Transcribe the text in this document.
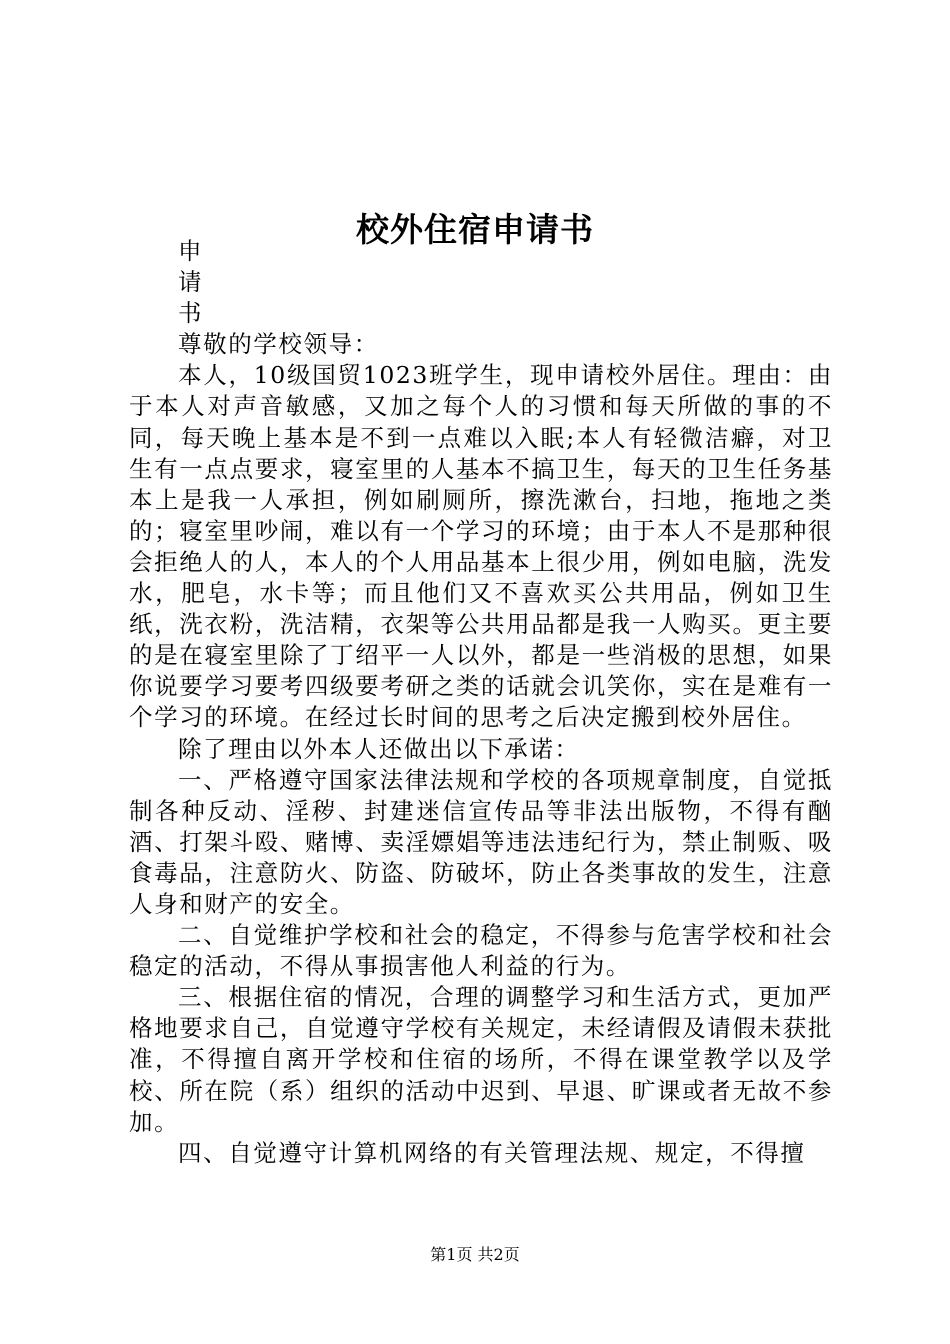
校外住宿申请书

申

请

书

尊敬的学校领导：

本人，10级国贸1023班学生，现申请校外居住。理由：由于本人对声音敏感，又加之每个人的习惯和每天所做的事的不同，每天晚上基本是不到一点难以入眠;本人有轻微洁癖，对卫生有一点点要求，寝室里的人基本不搞卫生，每天的卫生任务基本上是我一人承担，例如刷厕所，擦洗漱台，扫地，拖地之类的；寝室里吵闹，难以有一个学习的环境；由于本人不是那种很会拒绝人的人，本人的个人用品基本上很少用，例如电脑，洗发水，肥皂，水卡等；而且他们又不喜欢买公共用品，例如卫生纸，洗衣粉，洗洁精，衣架等公共用品都是我一人购买。更主要的是在寝室里除了丁绍平一人以外，都是一些消极的思想，如果你说要学习要考四级要考研之类的话就会讥笑你，实在是难有一个学习的环境。在经过长时间的思考之后决定搬到校外居住。

除了理由以外本人还做出以下承诺：

一、严格遵守国家法律法规和学校的各项规章制度，自觉抵制各种反动、淫秽、封建迷信宣传品等非法出版物，不得有酗酒、打架斗殴、赌博、卖淫嫖娼等违法违纪行为，禁止制贩、吸食毒品，注意防火、防盗、防破坏，防止各类事故的发生，注意人身和财产的安全。

二、自觉维护学校和社会的稳定，不得参与危害学校和社会稳定的活动，不得从事损害他人利益的行为。

三、根据住宿的情况，合理的调整学习和生活方式，更加严格地要求自己，自觉遵守学校有关规定，未经请假及请假未获批准，不得擅自离开学校和住宿的场所，不得在课堂教学以及学校、所在院（系）组织的活动中迟到、早退、旷课或者无故不参加。

四、自觉遵守计算机网络的有关管理法规、规定，不得擅

第1页 共2页
